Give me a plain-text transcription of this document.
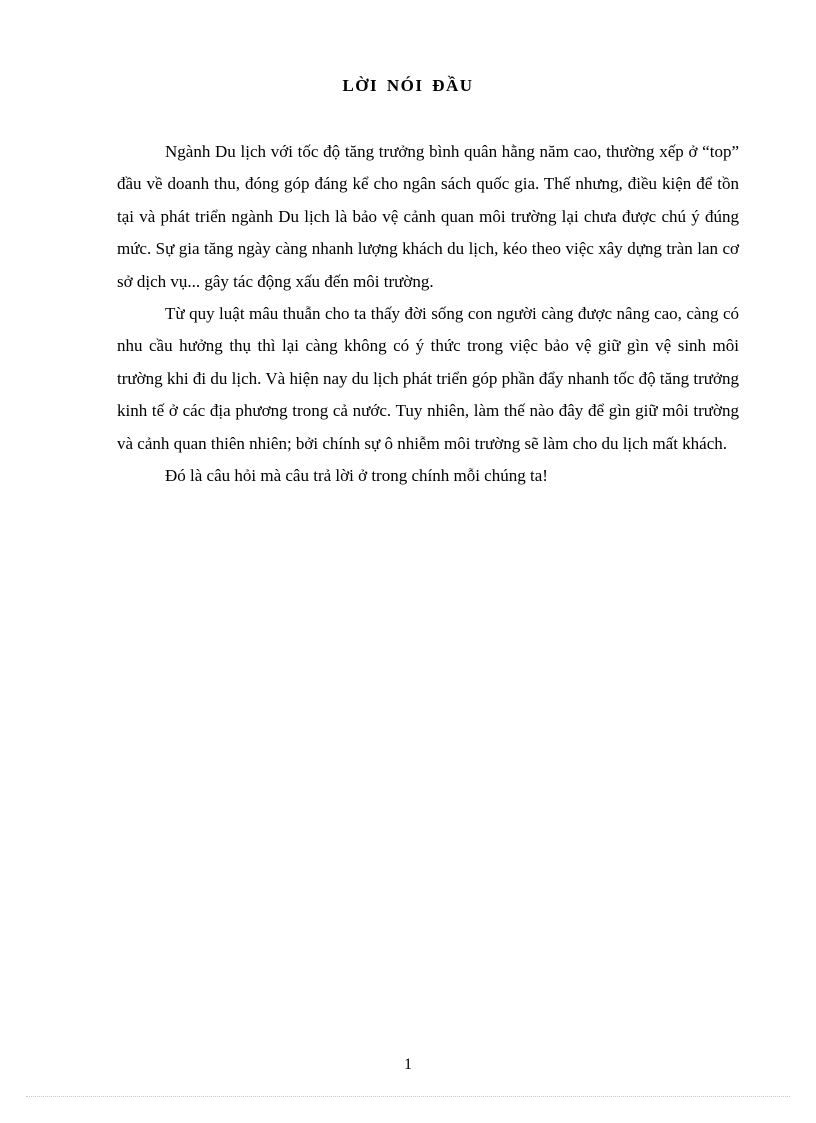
LỜI NÓI ĐẦU

Ngành Du lịch với tốc độ tăng trưởng bình quân hằng năm cao, thường xếp ở “top” đầu về doanh thu, đóng góp đáng kể cho ngân sách quốc gia. Thế nhưng, điều kiện để tồn tại và phát triển ngành Du lịch là bảo vệ cảnh quan môi trường lại chưa được chú ý đúng mức. Sự gia tăng ngày càng nhanh lượng khách du lịch, kéo theo việc xây dựng tràn lan cơ sở dịch vụ... gây tác động xấu đến môi trường.

Từ quy luật mâu thuẫn cho ta thấy đời sống con người càng được nâng cao, càng có nhu cầu hưởng thụ thì lại càng không có ý thức trong việc bảo vệ giữ gìn vệ sinh môi trường khi đi du lịch. Và hiện nay du lịch phát triển góp phần đẩy nhanh tốc độ tăng trưởng kinh tế ở các địa phương trong cả nước. Tuy nhiên, làm thế nào đây để gìn giữ môi trường và cảnh quan thiên nhiên; bởi chính sự ô nhiễm môi trường sẽ làm cho du lịch mất khách.

Đó là câu hỏi mà câu trả lời ở trong chính mỗi chúng ta!

1
